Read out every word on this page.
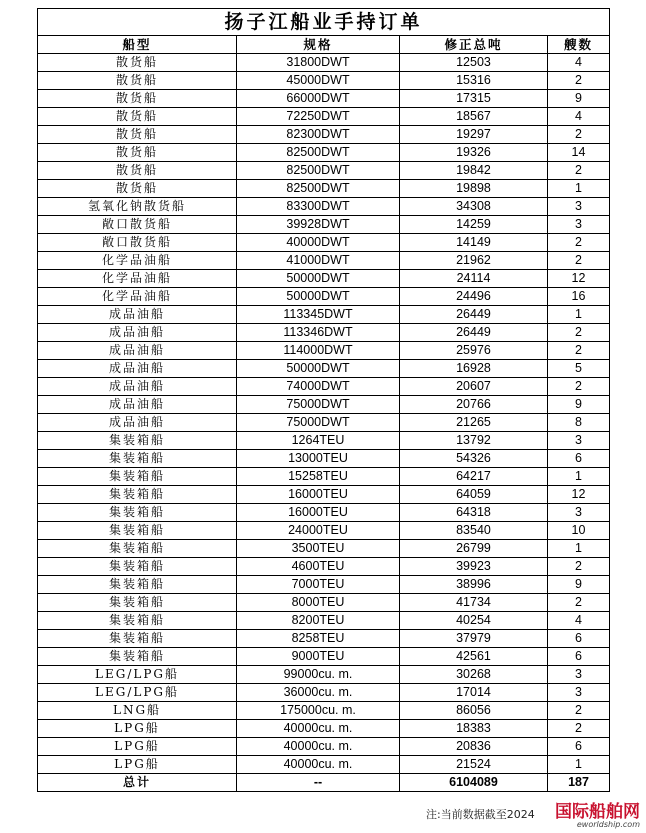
扬子江船业手持订单			
船型	规格	修正总吨	艘数
散货船	31800DWT	12503	4
散货船	45000DWT	15316	2
散货船	66000DWT	17315	9
散货船	72250DWT	18567	4
散货船	82300DWT	19297	2
散货船	82500DWT	19326	14
散货船	82500DWT	19842	2
散货船	82500DWT	19898	1
氢氧化钠散货船	83300DWT	34308	3
敞口散货船	39928DWT	14259	3
敞口散货船	40000DWT	14149	2
化学品油船	41000DWT	21962	2
化学品油船	50000DWT	24114	12
化学品油船	50000DWT	24496	16
成品油船	113345DWT	26449	1
成品油船	113346DWT	26449	2
成品油船	114000DWT	25976	2
成品油船	50000DWT	16928	5
成品油船	74000DWT	20607	2
成品油船	75000DWT	20766	9
成品油船	75000DWT	21265	8
集装箱船	1264TEU	13792	3
集装箱船	13000TEU	54326	6
集装箱船	15258TEU	64217	1
集装箱船	16000TEU	64059	12
集装箱船	16000TEU	64318	3
集装箱船	24000TEU	83540	10
集装箱船	3500TEU	26799	1
集装箱船	4600TEU	39923	2
集装箱船	7000TEU	38996	9
集装箱船	8000TEU	41734	2
集装箱船	8200TEU	40254	4
集装箱船	8258TEU	37979	6
集装箱船	9000TEU	42561	6
LEG/LPG船	99000cu. m.	30268	3
LEG/LPG船	36000cu. m.	17014	3
LNG船	175000cu. m.	86056	2
LPG船	40000cu. m.	18383	2
LPG船	40000cu. m.	20836	6
LPG船	40000cu. m.	21524	1
总计	--	6104089	187
注:当前数据截至2024 国际船舶网
eworldship.com
